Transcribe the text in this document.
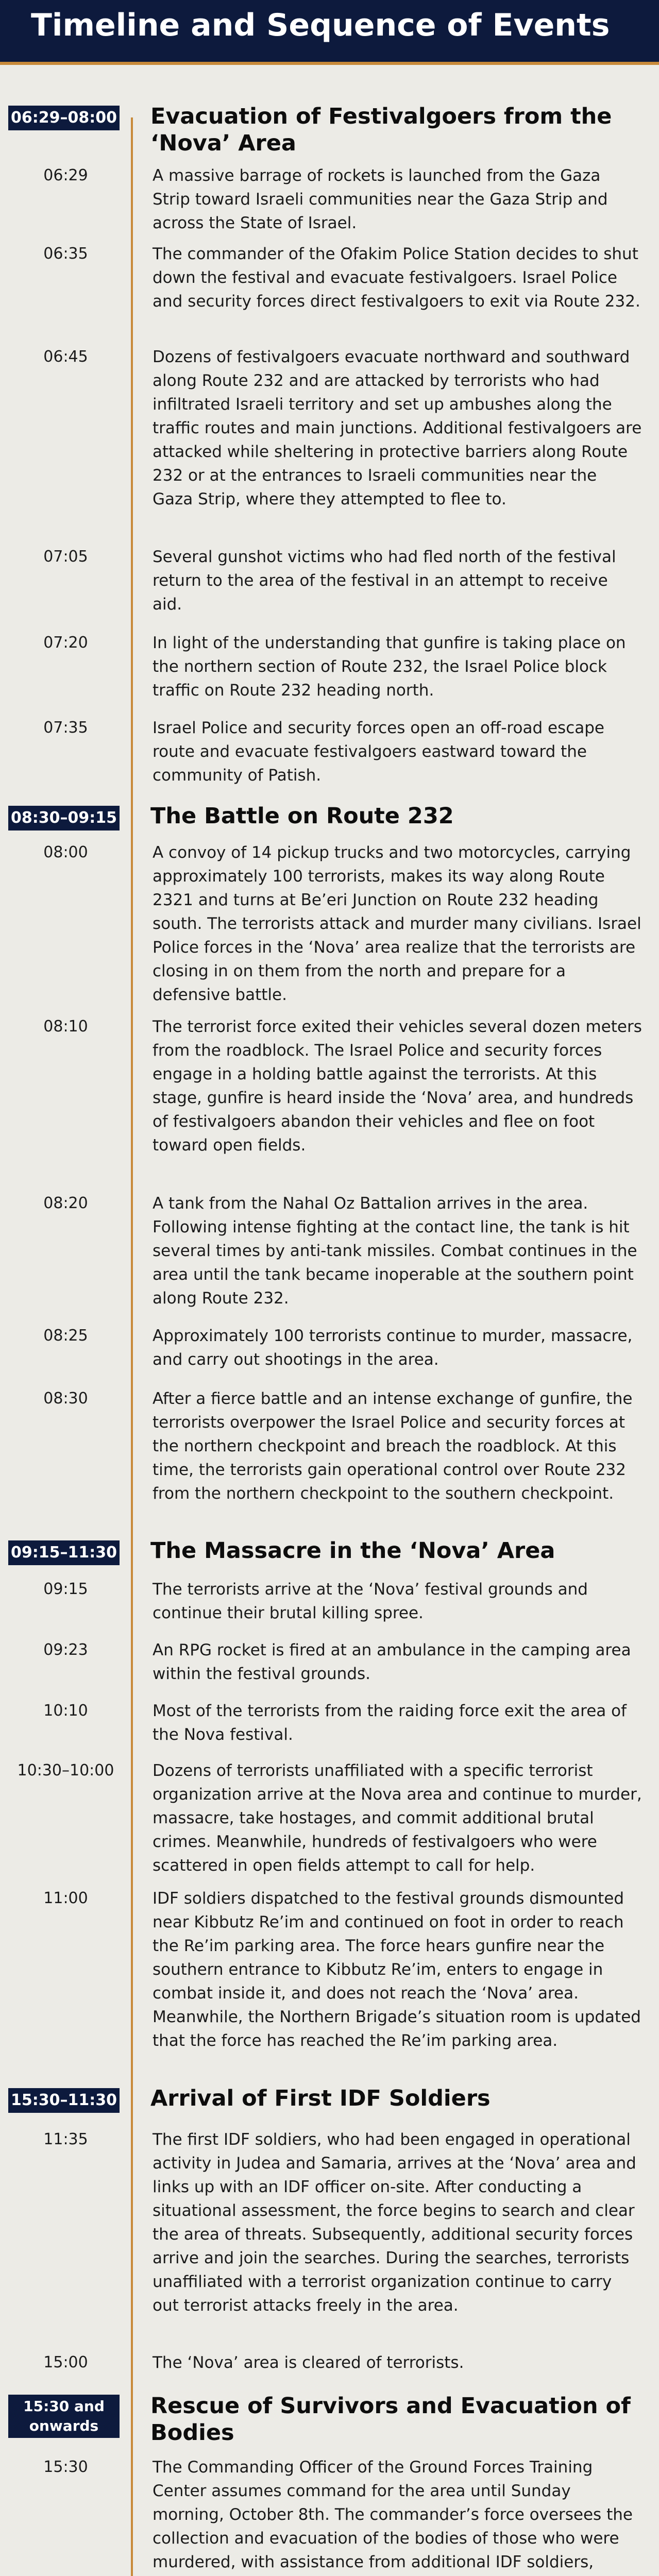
Timeline and Sequence of Events
06:29–08:00 Evacuation of Festivalgoers from the ‘Nova’ Area
06:29	A massive barrage of rockets is launched from the Gaza Strip toward Israeli communities near the Gaza Strip and across the State of Israel.
06:35	The commander of the Ofakim Police Station decides to shut down the festival and evacuate festivalgoers. Israel Police and security forces direct festivalgoers to exit via Route 232.
06:45	Dozens of festivalgoers evacuate northward and southward along Route 232 and are attacked by terrorists who had infiltrated Israeli territory and set up ambushes along the traffic routes and main junctions. Additional festivalgoers are attacked while sheltering in protective barriers along Route 232 or at the entrances to Israeli communities near the Gaza Strip, where they attempted to flee to.
07:05	Several gunshot victims who had fled north of the festival return to the area of the festival in an attempt to receive aid.
07:20	In light of the understanding that gunfire is taking place on the northern section of Route 232, the Israel Police block traffic on Route 232 heading north.
07:35	Israel Police and security forces open an off-road escape route and evacuate festivalgoers eastward toward the community of Patish.
08:30–09:15 The Battle on Route 232
08:00	A convoy of 14 pickup trucks and two motorcycles, carrying approximately 100 terrorists, makes its way along Route 2321 and turns at Be’eri Junction on Route 232 heading south. The terrorists attack and murder many civilians. Israel Police forces in the ‘Nova’ area realize that the terrorists are closing in on them from the north and prepare for a defensive battle.
08:10	The terrorist force exited their vehicles several dozen meters from the roadblock. The Israel Police and security forces engage in a holding battle against the terrorists. At this stage, gunfire is heard inside the ‘Nova’ area, and hundreds of festivalgoers abandon their vehicles and flee on foot toward open fields.
08:20	A tank from the Nahal Oz Battalion arrives in the area. Following intense fighting at the contact line, the tank is hit several times by anti-tank missiles. Combat continues in the area until the tank became inoperable at the southern point along Route 232.
08:25	Approximately 100 terrorists continue to murder, massacre, and carry out shootings in the area.
08:30	After a fierce battle and an intense exchange of gunfire, the terrorists overpower the Israel Police and security forces at the northern checkpoint and breach the roadblock. At this time, the terrorists gain operational control over Route 232 from the northern checkpoint to the southern checkpoint.
09:15–11:30 The Massacre in the ‘Nova’ Area
09:15	The terrorists arrive at the ‘Nova’ festival grounds and continue their brutal killing spree.
09:23	An RPG rocket is fired at an ambulance in the camping area within the festival grounds.
10:10	Most of the terrorists from the raiding force exit the area of the Nova festival.
10:30–10:00	Dozens of terrorists unaffiliated with a specific terrorist organization arrive at the Nova area and continue to murder, massacre, take hostages, and commit additional brutal crimes. Meanwhile, hundreds of festivalgoers who were scattered in open fields attempt to call for help.
11:00	IDF soldiers dispatched to the festival grounds dismounted near Kibbutz Re’im and continued on foot in order to reach the Re’im parking area. The force hears gunfire near the southern entrance to Kibbutz Re’im, enters to engage in combat inside it, and does not reach the ‘Nova’ area. Meanwhile, the Northern Brigade’s situation room is updated that the force has reached the Re’im parking area.
15:30–11:30 Arrival of First IDF Soldiers
11:35	The first IDF soldiers, who had been engaged in operational activity in Judea and Samaria, arrives at the ‘Nova’ area and links up with an IDF officer on-site. After conducting a situational assessment, the force begins to search and clear the area of threats. Subsequently, additional security forces arrive and join the searches. During the searches, terrorists unaffiliated with a terrorist organization continue to carry out terrorist attacks freely in the area.
15:00	The ‘Nova’ area is cleared of terrorists.
15:30 and onwards
Rescue of Survivors and Evacuation of Bodies
15:30	The Commanding Officer of the Ground Forces Training Center assumes command for the area until Sunday morning, October 8th. The commander’s force oversees the collection and evacuation of the bodies of those who were murdered, with assistance from additional IDF soldiers,
